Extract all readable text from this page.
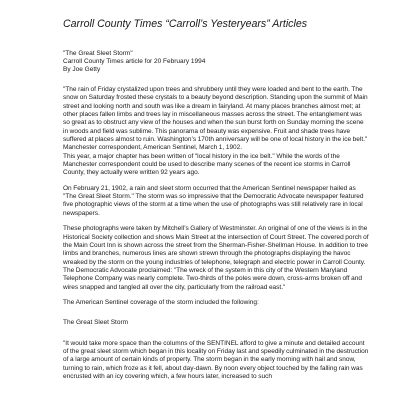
Carroll County Times “Carroll’s Yesteryears” Articles
"The Great Sleet Storm"
Carroll County Times article for 20 February 1994
By Joe Getty
"The rain of Friday crystalized upon trees and shrubbery until they were loaded and bent to the earth. The snow on Saturday frosted these crystals to a beauty beyond description. Standing upon the summit of Main street and looking north and south was like a dream in fairyland. At many places branches almost met; at other places fallen limbs and trees lay in miscellaneous masses across the street. The entanglement was so great as to obstruct any view of the houses and when the sun burst forth on Sunday morning the scene in woods and field was sublime. This panorama of beauty was expensive. Fruit and shade trees have suffered at places almost to ruin. Washington’s 170th anniversary will be one of local history in the ice belt." Manchester correspondent, American Sentinel, March 1, 1902.
This year, a major chapter has been written of "local history in the ice belt." While the words of the Manchester correspondent could be used to describe many scenes of the recent ice storms in Carroll County, they actually were written 92 years ago.
On February 21, 1902, a rain and sleet storm occurred that the American Sentinel newspaper hailed as "The Great Sleet Storm." The storm was so impressive that the Democratic Advocate newspaper featured five photographic views of the storm at a time when the use of photographs was still relatively rare in local newspapers.
These photographs were taken by Mitchell’s Gallery of Westminster. An original of one of the views is in the Historical Society collection and shows Main Street at the intersection of Court Street. The covered porch of the Main Court Inn is shown across the street from the Sherman-Fisher-Shellman House. In addition to tree limbs and branches, numerous lines are shown strewn through the photographs displaying the havoc wreaked by the storm on the young industries of telephone, telegraph and electric power in Carroll County. The Democratic Advocate proclaimed: "The wreck of the system in this city of the Western Maryland Telephone Company was nearly complete. Two-thirds of the poles were down, cross-arms broken off and wires snapped and tangled all over the city, particularly from the railroad east."
The American Sentinel coverage of the storm included the following:
The Great Sleet Storm
"It would take more space than the columns of the SENTINEL afford to give a minute and detailed account of the great sleet storm which began in this locality on Friday last and speedily culminated in the destruction of a large amount of certain kinds of property. The storm began in the early morning with hail and snow, turning to rain, which froze as it fell, about day-dawn. By noon every object touched by the falling rain was encrusted with an icy covering which, a few hours later, increased to such
